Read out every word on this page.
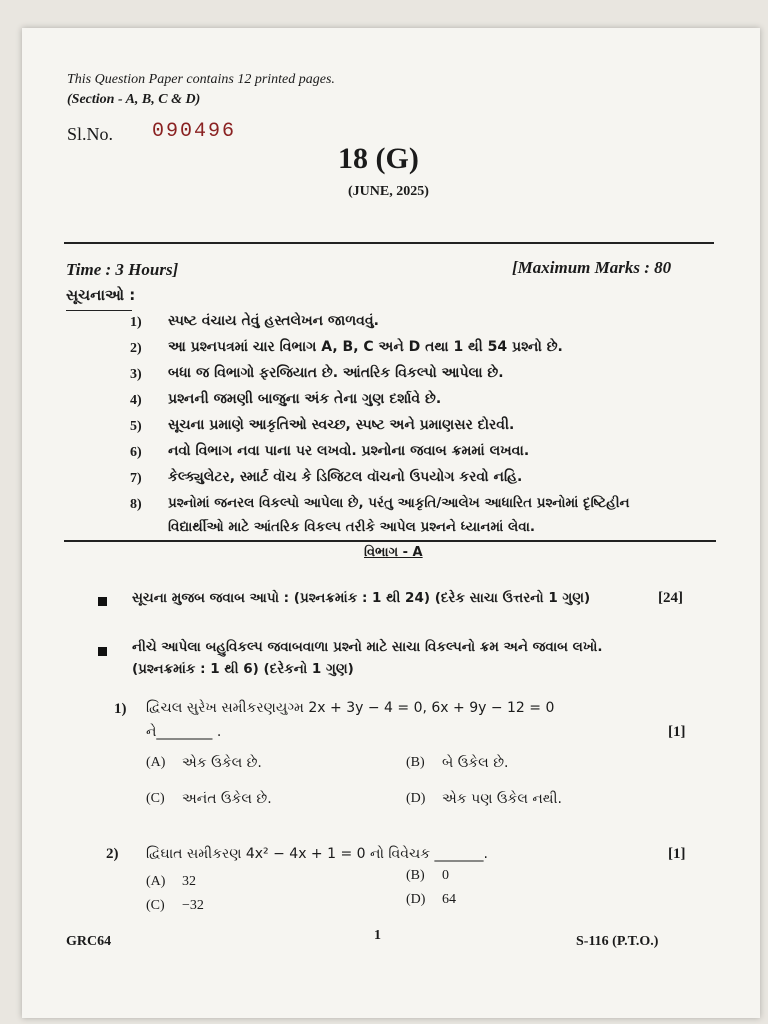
This Question Paper contains 12 printed pages.
(Section - A, B, C & D)
Sl.No. 090496
18 (G)
(JUNE, 2025)
Time : 3 Hours]	[Maximum Marks : 80
સૂચનાઓ :
1)	સ્પષ્ટ વંચાય તેવું હસ્તલેખન જાળવવું.
2)	આ પ્રશ્નપત્રમાં ચાર વિભાગ A, B, C અને D તથા 1 થી 54 પ્રશ્નો છે.
3)	બધા જ વિભાગો ફરજિયાત છે. આંતરિક વિકલ્પો આપેલા છે.
4)	પ્રશ્નની જમણી બાજુના અંક તેના ગુણ દર્શાવે છે.
5)	સૂચના પ્રમાણે આકૃતિઓ સ્વચ્છ, સ્પષ્ટ અને પ્રમાણસર દોરવી.
6)	નવો વિભાગ નવા પાના પર લખવો. પ્રશ્નોના જવાબ ક્રમમાં લખવા.
7)	કેલ્ક્યુલેટર, સ્માર્ટ વૉચ કે ડિજિટલ વૉચનો ઉપયોગ કરવો નહિ.
8)	પ્રશ્નોમાં જનરલ વિકલ્પો આપેલા છે, પરંતુ આકૃતિ/આલેખ આધારિત પ્રશ્નોમાં દૃષ્ટિહીન
વિદ્યાર્થીઓ માટે આંતરિક વિકલ્પ તરીકે આપેલ પ્રશ્નને ધ્યાનમાં લેવા.
વિભાગ - A
સૂચના મુજબ જવાબ આપો : (પ્રશ્નક્રમાંક : 1 થી 24) (દરેક સાચા ઉત્તરનો 1 ગુણ)	[24]
નીચે આપેલા બહુવિકલ્પ જવાબવાળા પ્રશ્નો માટે સાચા વિકલ્પનો ક્રમ અને જવાબ લખો.
(પ્રશ્નક્રમાંક : 1 થી 6) (દરેકનો 1 ગુણ)
1) દ્વિચલ સુરેખ સમીકરણયુગ્મ 2x + 3y − 4 = 0, 6x + 9y − 12 = 0
ને________ .	[1]
(A) એક ઉકેલ છે.	(B) બે ઉકેલ છે.
(C) અનંત ઉકેલ છે.	(D) એક પણ ઉકેલ નથી.
2) દ્વિઘાત સમીકરણ 4x² − 4x + 1 = 0 નો વિવેચક _______.	[1]
(A) 32	(B) 0
(C) −32	(D) 64
GRC64	1	S-116 (P.T.O.)
